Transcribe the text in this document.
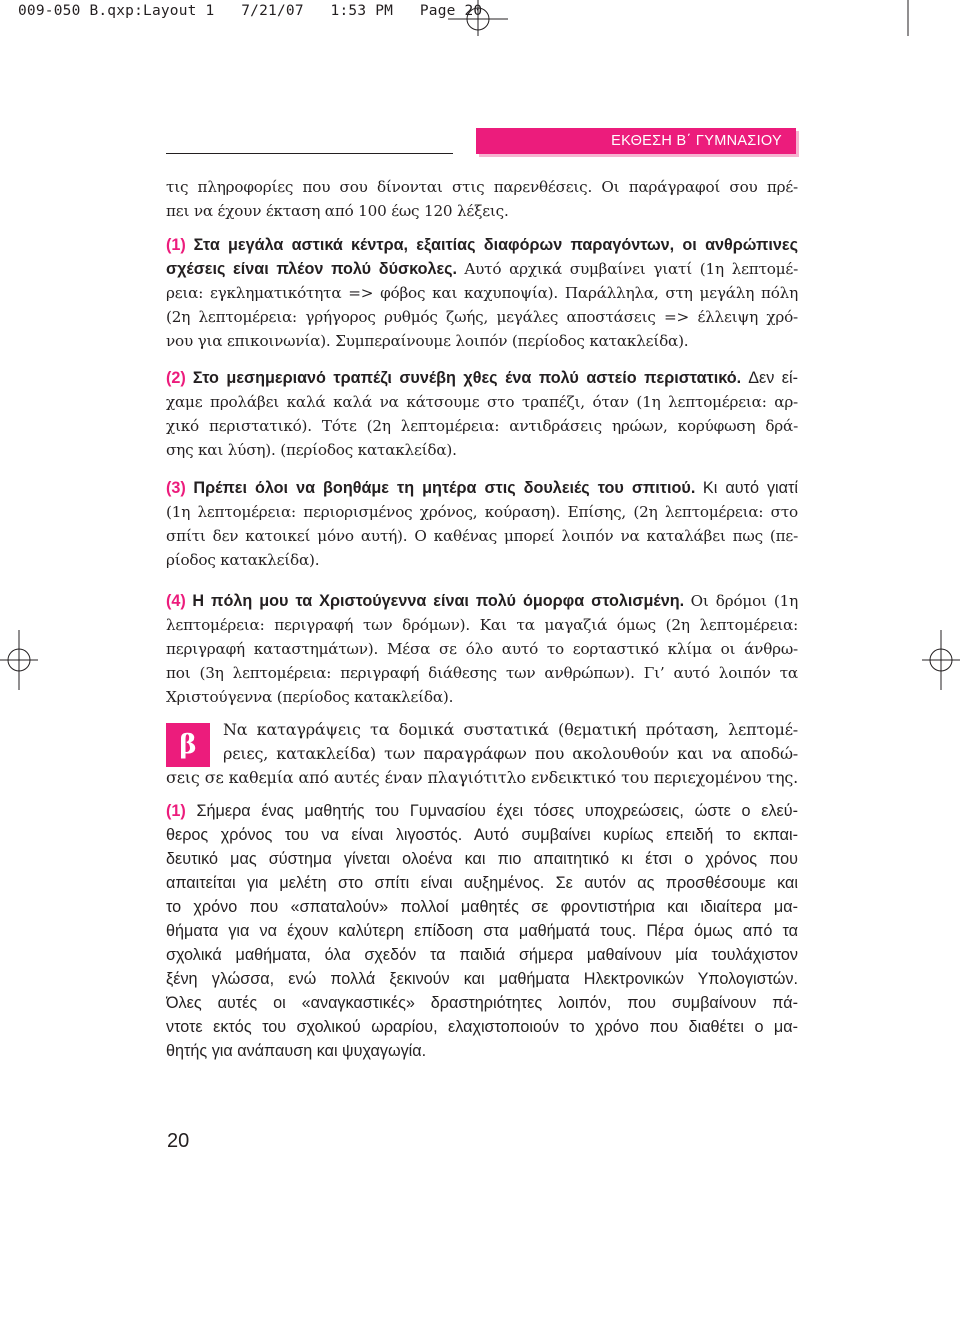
009-050 B.qxp:Layout 1   7/21/07   1:53 PM   Page 20
ΕΚΘΕΣΗ Β΄ ΓΥΜΝΑΣΙΟΥ
τις πληροφορίες που σου δίνονται στις παρενθέσεις. Οι παράγραφοί σου πρέ-
πει να έχουν έκταση από 100 έως 120 λέξεις.
(1) Στα μεγάλα αστικά κέντρα, εξαιτίας διαφόρων παραγόντων, οι ανθρώπινες
σχέσεις είναι πλέον πολύ δύσκολες. Αυτό αρχικά συμβαίνει γιατί (1η λεπτομέ-
ρεια: εγκληματικότητα => φόβος και καχυποψία). Παράλληλα, στη μεγάλη πόλη
(2η λεπτομέρεια: γρήγορος ρυθμός ζωής, μεγάλες αποστάσεις => έλλειψη χρό-
νου για επικοινωνία). Συμπεραίνουμε λοιπόν (περίοδος κατακλείδα).
(2) Στο μεσημεριανό τραπέζι συνέβη χθες ένα πολύ αστείο περιστατικό. Δεν εί-
χαμε προλάβει καλά καλά να κάτσουμε στο τραπέζι, όταν (1η λεπτομέρεια: αρ-
χικό περιστατικό). Τότε (2η λεπτομέρεια: αντιδράσεις ηρώων, κορύφωση δρά-
σης και λύση). (περίοδος κατακλείδα).
(3) Πρέπει όλοι να βοηθάμε τη μητέρα στις δουλειές του σπιτιού. Κι αυτό γιατί
(1η λεπτομέρεια: περιορισμένος χρόνος, κούραση). Επίσης, (2η λεπτομέρεια: στο
σπίτι δεν κατοικεί μόνο αυτή). Ο καθένας μπορεί λοιπόν να καταλάβει πως (πε-
ρίοδος κατακλείδα).
(4) Η πόλη μου τα Χριστούγεννα είναι πολύ όμορφα στολισμένη. Οι δρόμοι (1η
λεπτομέρεια: περιγραφή των δρόμων). Και τα μαγαζιά όμως (2η λεπτομέρεια:
περιγραφή καταστημάτων). Μέσα σε όλο αυτό το εορταστικό κλίμα οι άνθρω-
ποι (3η λεπτομέρεια: περιγραφή διάθεσης των ανθρώπων). Γι’ αυτό λοιπόν τα
Χριστούγεννα (περίοδος κατακλείδα).
β
Να καταγράψεις τα δομικά συστατικά (θεματική πρόταση, λεπτομέ-
ρειες, κατακλείδα) των παραγράφων που ακολουθούν και να αποδώ-
σεις σε καθεμία από αυτές έναν πλαγιότιτλο ενδεικτικό του περιεχομένου της.
(1) Σήμερα ένας μαθητής του Γυμνασίου έχει τόσες υποχρεώσεις, ώστε ο ελεύ-
θερος χρόνος του να είναι λιγοστός. Αυτό συμβαίνει κυρίως επειδή το εκπαι-
δευτικό μας σύστημα γίνεται ολοένα και πιο απαιτητικό κι έτσι ο χρόνος που
απαιτείται για μελέτη στο σπίτι είναι αυξημένος. Σε αυτόν ας προσθέσουμε και
το χρόνο που «σπαταλούν» πολλοί μαθητές σε φροντιστήρια και ιδιαίτερα μα-
θήματα για να έχουν καλύτερη επίδοση στα μαθήματά τους. Πέρα όμως από τα
σχολικά μαθήματα, όλα σχεδόν τα παιδιά σήμερα μαθαίνουν μία τουλάχιστον
ξένη γλώσσα, ενώ πολλά ξεκινούν και μαθήματα Ηλεκτρονικών Υπολογιστών.
Όλες αυτές οι «αναγκαστικές» δραστηριότητες λοιπόν, που συμβαίνουν πά-
ντοτε εκτός του σχολικού ωραρίου, ελαχιστοποιούν το χρόνο που διαθέτει ο μα-
θητής για ανάπαυση και ψυχαγωγία.
20
